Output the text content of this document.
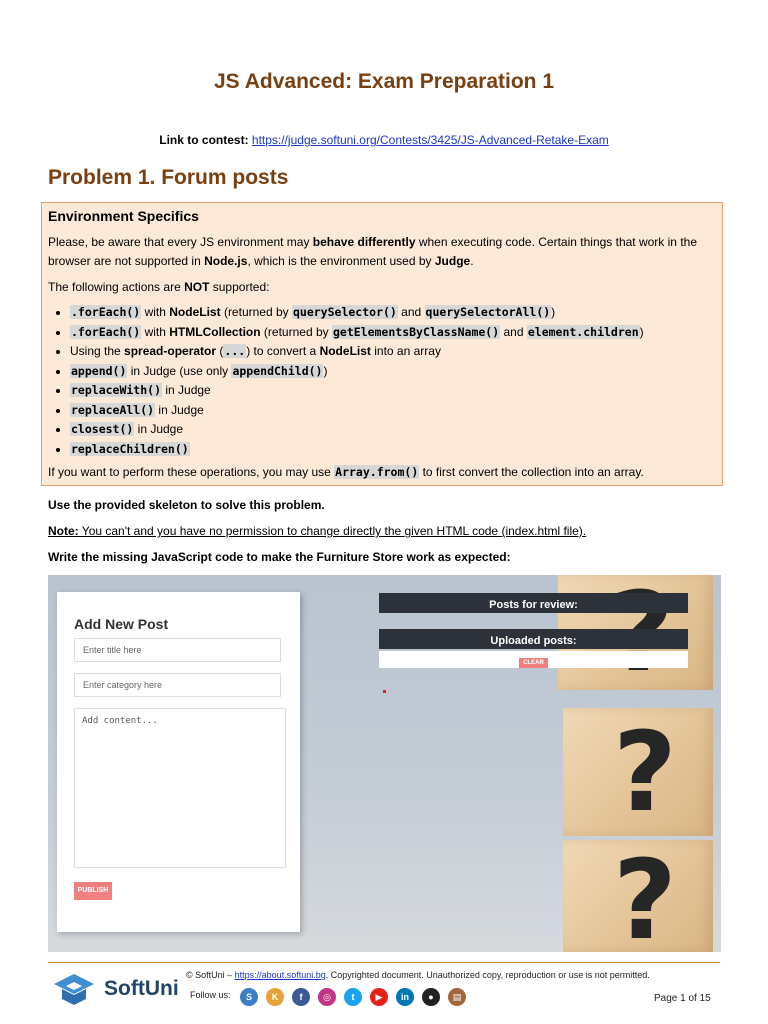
JS Advanced: Exam Preparation 1
Link to contest: https://judge.softuni.org/Contests/3425/JS-Advanced-Retake-Exam
Problem 1. Forum posts
Environment Specifics

Please, be aware that every JS environment may behave differently when executing code. Certain things that work in the browser are not supported in Node.js, which is the environment used by Judge.

The following actions are NOT supported:

• .forEach() with NodeList (returned by querySelector() and querySelectorAll())
• .forEach() with HTMLCollection (returned by getElementsByClassName() and element.children)
• Using the spread-operator (...) to convert a NodeList into an array
• append() in Judge (use only appendChild())
• replaceWith() in Judge
• replaceAll() in Judge
• closest() in Judge
• replaceChildren()

If you want to perform these operations, you may use Array.from() to first convert the collection into an array.

Use the provided skeleton to solve this problem.
Note: You can't and you have no permission to change directly the given HTML code (index.html file).
Write the missing JavaScript code to make the Furniture Store work as expected:
?
?
Add New Post
Enter title here
Enter category here
Add content...
PUBLISH
Posts for review:
Uploaded posts:
CLEAR
SoftUni
© SoftUni – https://about.softuni.bg. Copyrighted document. Unauthorized copy, reproduction or use is not permitted.
Follow us:	S	K	f	◎	t	▶	in	●	▤	Page 1 of 15
